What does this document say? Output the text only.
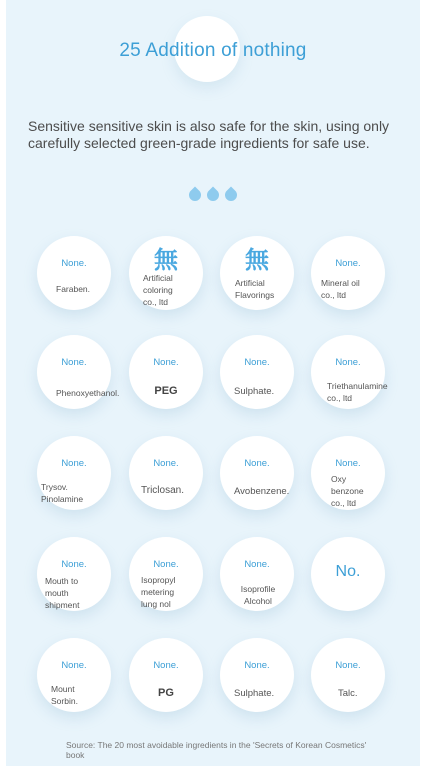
25 Addition of nothing
Sensitive sensitive skin is also safe for the skin, using only carefully selected green-grade ingredients for safe use.

None.
Faraben.
無
Artificial coloring co., ltd
無
Artificial Flavorings
None.
Mineral oil co., ltd
None.
Phenoxyethanol.
None.
PEG
None.
Sulphate.
None.
Triethanulamine co., ltd
None.
Trysov. Pinolamine
None.
Triclosan.
None.
Avobenzene.
None.
Oxy benzone co., ltd
None.
Mouth to mouth shipment
None.
Isopropyl metering lung nol
None.
Isoprofile Alcohol
No.
None.
Mount Sorbin.
None.
PG
None.
Sulphate.
None.
Talc.
Source: The 20 most avoidable ingredients in the 'Secrets of Korean Cosmetics' book
